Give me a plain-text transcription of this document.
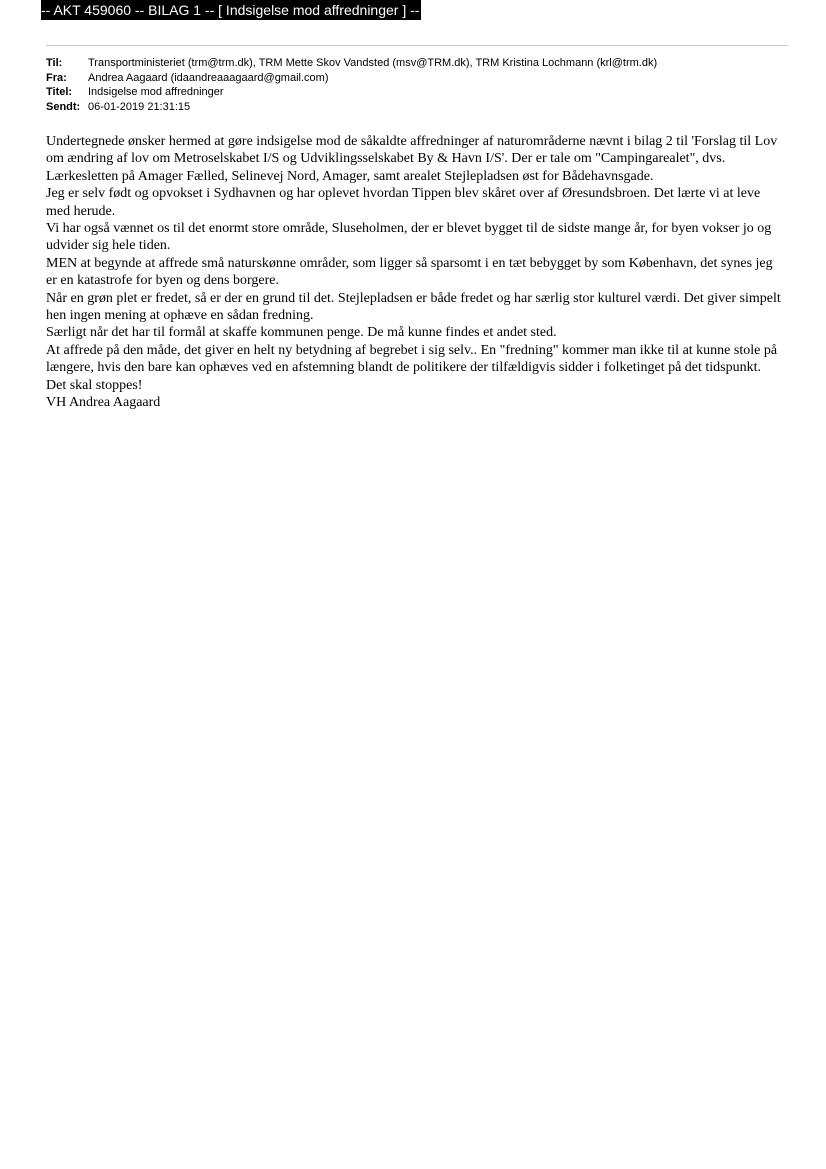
-- AKT 459060 -- BILAG 1 -- [ Indsigelse mod affredninger ] --
Til:	Transportministeriet (trm@trm.dk), TRM Mette Skov Vandsted (msv@TRM.dk), TRM Kristina Lochmann (krl@trm.dk)
Fra:	Andrea Aagaard (idaandreaaagaard@gmail.com)
Titel:	Indsigelse mod affredninger
Sendt: 06-01-2019 21:31:15

Undertegnede ønsker hermed at gøre indsigelse mod de såkaldte affredninger af naturområderne nævnt i bilag 2 til 'Forslag til Lov om ændring af lov om Metroselskabet I/S og Udviklingsselskabet By & Havn I/S'. Der er tale om "Campingarealet", dvs. Lærkesletten på Amager Fælled, Selinevej Nord, Amager, samt arealet Stejlepladsen øst for Bådehavnsgade.

Jeg er selv født og opvokset i Sydhavnen og har oplevet hvordan Tippen blev skåret over af Øresundsbroen. Det lærte vi at leve med herude.

Vi har også vænnet os til det enormt store område, Sluseholmen, der er blevet bygget til de sidste mange år, for byen vokser jo og udvider sig hele tiden.

MEN at begynde at affrede små naturskønne områder, som ligger så sparsomt i en tæt bebygget by som København, det synes jeg er en katastrofe for byen og dens borgere.

Når en grøn plet er fredet, så er der en grund til det. Stejlepladsen er både fredet og har særlig stor kulturel værdi. Det giver simpelt hen ingen mening at ophæve en sådan fredning.

Særligt når det har til formål at skaffe kommunen penge. De må kunne findes et andet sted.

At affrede på den måde, det giver en helt ny betydning af begrebet i sig selv.. En "fredning" kommer man ikke til at kunne stole på længere, hvis den bare kan ophæves ved en afstemning blandt de politikere der tilfældigvis sidder i folketinget på det tidspunkt.

Det skal stoppes!

VH Andrea Aagaard
